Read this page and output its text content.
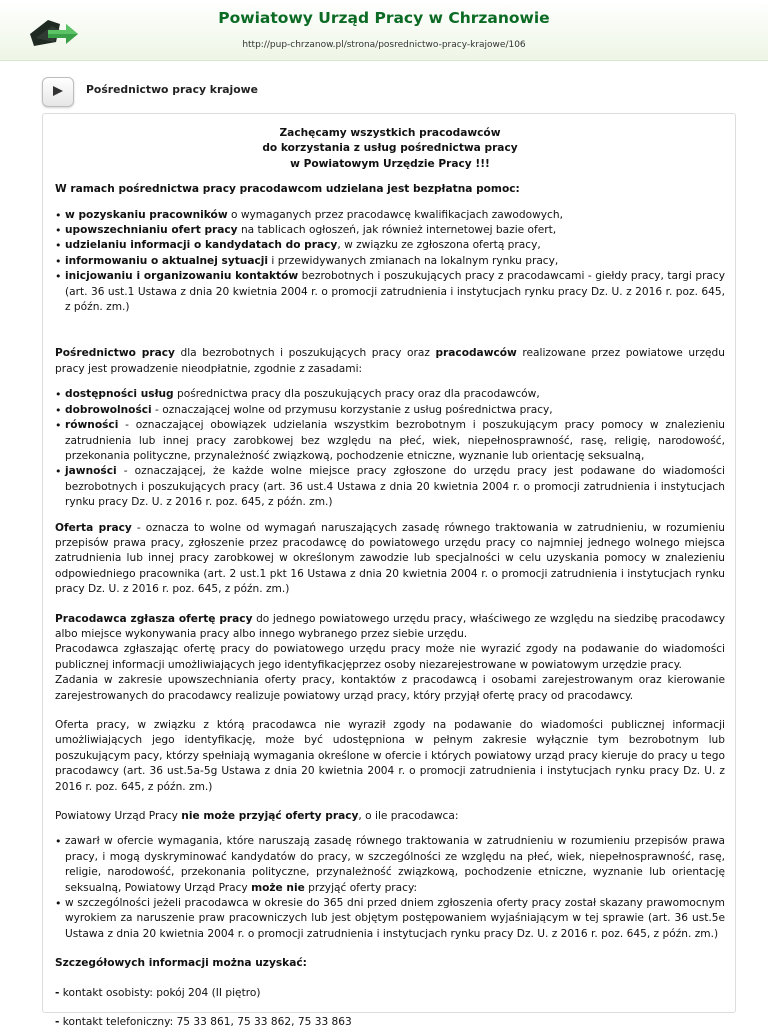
Powiatowy Urząd Pracy w Chrzanowie
http://pup-chrzanow.pl/strona/posrednictwo-pracy-krajowe/106
Pośrednictwo pracy krajowe

Zachęcamy wszystkich pracodawców

do korzystania z usług pośrednictwa pracy

w Powiatowym Urzędzie Pracy !!!

W ramach pośrednictwa pracy pracodawcom udzielana jest bezpłatna pomoc:

• w pozyskaniu pracowników o wymaganych przez pracodawcę kwalifikacjach zawodowych,
• upowszechnianiu ofert pracy na tablicach ogłoszeń, jak również internetowej bazie ofert,
• udzielaniu informacji o kandydatach do pracy, w związku ze zgłoszona ofertą pracy,
• informowaniu o aktualnej sytuacji i przewidywanych zmianach na lokalnym rynku pracy,
• inicjowaniu i organizowaniu kontaktów bezrobotnych i poszukujących pracy z pracodawcami - giełdy pracy, targi pracy (art. 36 ust.1 Ustawa z dnia 20 kwietnia 2004 r. o promocji zatrudnienia i instytucjach rynku pracy Dz. U. z 2016 r. poz. 645, z późn. zm.)

Pośrednictwo pracy dla bezrobotnych i poszukujących pracy oraz pracodawców realizowane przez powiatowe urzędu pracy jest prowadzenie nieodpłatnie, zgodnie z zasadami:

• dostępności usług pośrednictwa pracy dla poszukujących pracy oraz dla pracodawców,
• dobrowolności - oznaczającej wolne od przymusu korzystanie z usług pośrednictwa pracy,
• równości - oznaczającej obowiązek udzielania wszystkim bezrobotnym i poszukującym pracy pomocy w znalezieniu zatrudnienia lub innej pracy zarobkowej bez względu na płeć, wiek, niepełnosprawność, rasę, religię, narodowość, przekonania polityczne, przynależność związkową, pochodzenie etniczne, wyznanie lub orientację seksualną,
• jawności - oznaczającej, że każde wolne miejsce pracy zgłoszone do urzędu pracy jest podawane do wiadomości bezrobotnych i poszukujących pracy (art. 36 ust.4 Ustawa z dnia 20 kwietnia 2004 r. o promocji zatrudnienia i instytucjach rynku pracy Dz. U. z 2016 r. poz. 645, z późn. zm.)

Oferta pracy - oznacza to wolne od wymagań naruszających zasadę równego traktowania w zatrudnieniu, w rozumieniu przepisów prawa pracy, zgłoszenie przez pracodawcę do powiatowego urzędu pracy co najmniej jednego wolnego miejsca zatrudnienia lub innej pracy zarobkowej w określonym zawodzie lub specjalności w celu uzyskania pomocy w znalezieniu odpowiedniego pracownika (art. 2 ust.1 pkt 16 Ustawa z dnia 20 kwietnia 2004 r. o promocji zatrudnienia i instytucjach rynku pracy Dz. U. z 2016 r. poz. 645, z późn. zm.)

Pracodawca zgłasza ofertę pracy do jednego powiatowego urzędu pracy, właściwego ze względu na siedzibę pracodawcy albo miejsce wykonywania pracy albo innego wybranego przez siebie urzędu.

Pracodawca zgłaszając ofertę pracy do powiatowego urzędu pracy może nie wyrazić zgody na podawanie do wiadomości publicznej informacji umożliwiających jego identyfikacjęprzez osoby niezarejestrowane w powiatowym urzędzie pracy.

Zadania w zakresie upowszechniania oferty pracy, kontaktów z pracodawcą i osobami zarejestrowanym oraz kierowanie zarejestrowanych do pracodawcy realizuje powiatowy urząd pracy, który przyjął ofertę pracy od pracodawcy.

Oferta pracy, w związku z którą pracodawca nie wyraził zgody na podawanie do wiadomości publicznej informacji umożliwiających jego identyfikację, może być udostępniona w pełnym zakresie wyłącznie tym bezrobotnym lub poszukującym pacy, którzy spełniają wymagania określone w ofercie i których powiatowy urząd pracy kieruje do pracy u tego pracodawcy (art. 36 ust.5a-5g Ustawa z dnia 20 kwietnia 2004 r. o promocji zatrudnienia i instytucjach rynku pracy Dz. U. z 2016 r. poz. 645, z późn. zm.)

Powiatowy Urząd Pracy nie może przyjąć oferty pracy, o ile pracodawca:

• zawarł w ofercie wymagania, które naruszają zasadę równego traktowania w zatrudnieniu w rozumieniu przepisów prawa pracy, i mogą dyskryminować kandydatów do pracy, w szczególności ze względu na płeć, wiek, niepełnosprawność, rasę, religie, narodowość, przekonania polityczne, przynależność związkową, pochodzenie etniczne, wyznanie lub orientację seksualną, Powiatowy Urząd Pracy może nie przyjąć oferty pracy:
• w szczególności jeżeli pracodawca w okresie do 365 dni przed dniem zgłoszenia oferty pracy został skazany prawomocnym wyrokiem za naruszenie praw pracowniczych lub jest objętym postępowaniem wyjaśniającym w tej sprawie (art. 36 ust.5e Ustawa z dnia 20 kwietnia 2004 r. o promocji zatrudnienia i instytucjach rynku pracy Dz. U. z 2016 r. poz. 645, z późn. zm.)

Szczegółowych informacji można uzyskać:

- kontakt osobisty: pokój 204 (II piętro)

- kontakt telefoniczny: 75 33 861, 75 33 862, 75 33 863
